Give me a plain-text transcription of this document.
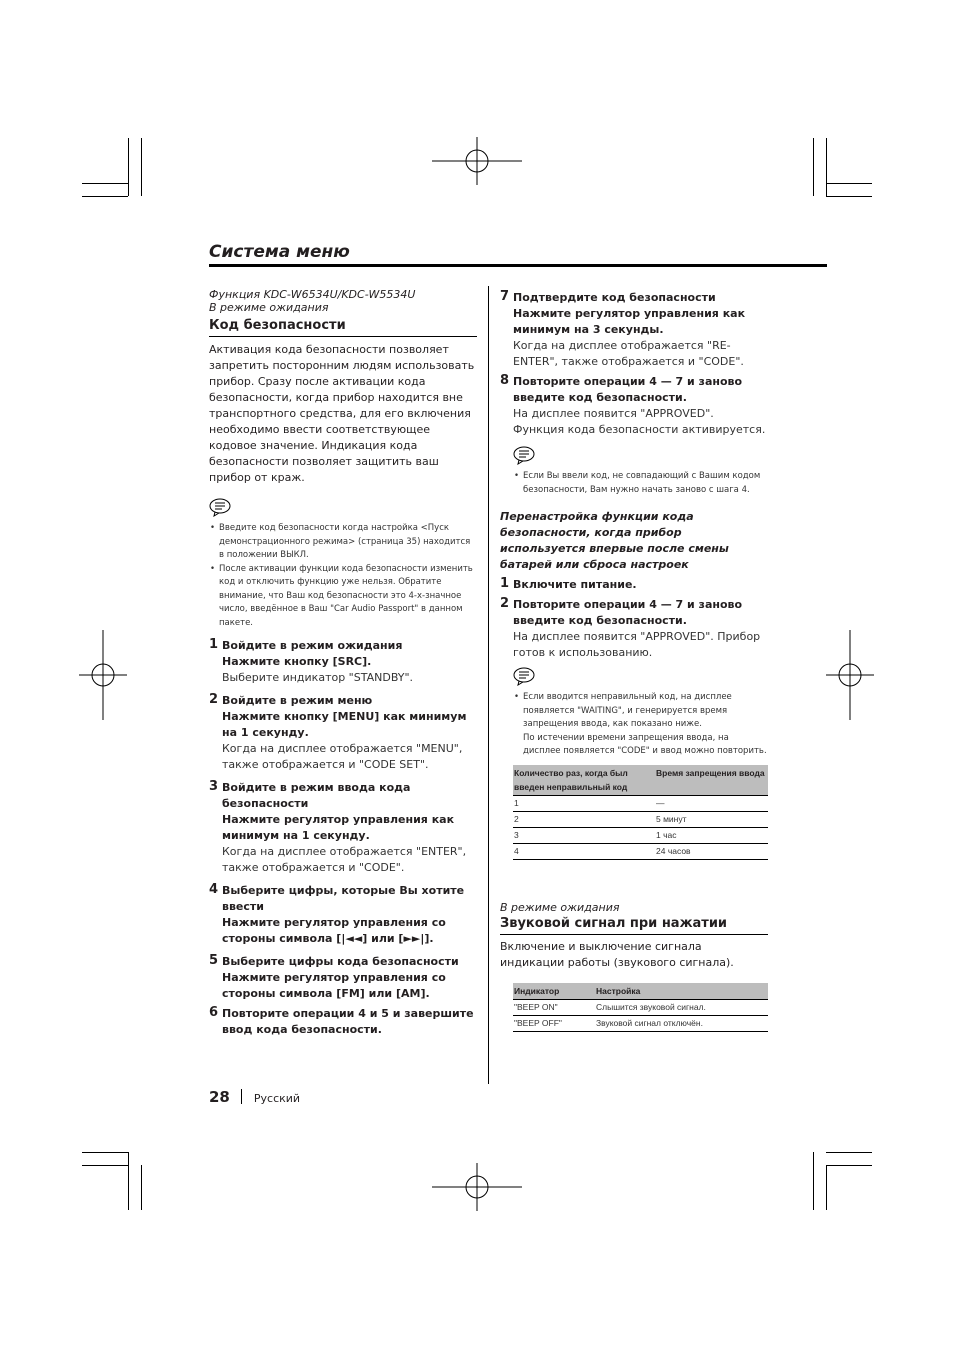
Система меню

Функция KDC-W6534U/KDC-W5534U

В режиме ожидания

Код безопасности

Активация кода безопасности позволяет запретить посторонним людям использовать прибор. Сразу после активации кода безопасности, когда прибор находится вне транспортного средства, для его включения необходимо ввести соответствующее кодовое значение. Индикация кода безопасности позволяет защитить ваш прибор от краж.

• Введите код безопасности когда настройка <Пуск демонстрационного режима> (страница 35) находится в положении ВЫКЛ.
• После активации функции кода безопасности изменить код и отключить функцию уже нельзя. Обратите внимание, что Ваш код безопасности это 4-х-значное число, введённое в Ваш "Car Audio Passport" в данном пакете.
1 Войдите в режим ожидания
Нажмите кнопку [SRC].
Выберите индикатор "STANDBY".
2 Войдите в режим меню
Нажмите кнопку [MENU] как минимум на 1 секунду.
Когда на дисплее отображается "MENU", также отображается и "CODE SET".
3 Войдите в режим ввода кода безопасности
Нажмите регулятор управления как минимум на 1 секунду.
Когда на дисплее отображается "ENTER", также отображается и "CODE".
4 Выберите цифры, которые Вы хотите ввести
Нажмите регулятор управления со стороны символа [|◄◄] или [►►|].
5 Выберите цифры кода безопасности
Нажмите регулятор управления со стороны символа [FM] или [AM].
6 Повторите операции 4 и 5 и завершите ввод кода безопасности.
7 Подтвердите код безопасности
Нажмите регулятор управления как минимум на 3 секунды.
Когда на дисплее отображается "RE-ENTER", также отображается и "CODE".
8 Повторите операции 4 — 7 и заново введите код безопасности.
На дисплее появится "APPROVED". Функция кода безопасности активируется.
• Если Вы ввели код, не совпадающий с Вашим кодом безопасности, Вам нужно начать заново с шага 4.
Перенастройка функции кода безопасности, когда прибор используется впервые после смены батарей или сброса настроек
1 Включите питание.
2 Повторите операции 4 — 7 и заново введите код безопасности.
На дисплее появится "APPROVED". Прибор готов к использованию.
• Если вводится неправильный код, на дисплее появляется "WAITING", и генерируется время запрещения ввода, как показано ниже.
По истечении времени запрещения ввода, на дисплее появляется "CODE" и ввод можно повторить.
Количество раз, когда был введен неправильный код	Время запрещения ввода
1	—
2	5 минут
3	1 час
4	24 часов

В режиме ожидания

Звуковой сигнал при нажатии

Включение и выключение сигнала индикации работы (звукового сигнала).

Индикатор	Настройка
"BEEP ON"	Слышится звуковой сигнал.
"BEEP OFF"	Звуковой сигнал отключён.
28 Русский
